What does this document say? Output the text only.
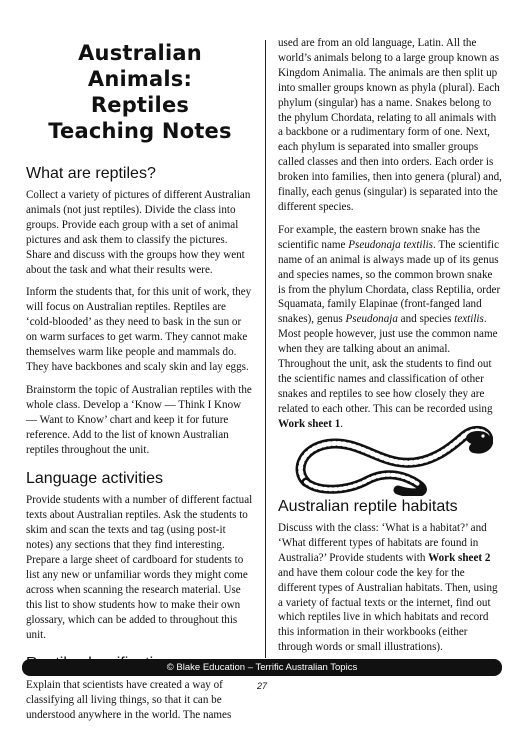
Australian Animals:
Reptiles
Teaching Notes
What are reptiles?

Collect a variety of pictures of different Australian animals (not just reptiles). Divide the class into groups. Provide each group with a set of animal pictures and ask them to classify the pictures. Share and discuss with the groups how they went about the task and what their results were.

Inform the students that, for this unit of work, they will focus on Australian reptiles. Reptiles are ‘cold-blooded’ as they need to bask in the sun or on warm surfaces to get warm. They cannot make themselves warm like people and mammals do. They have backbones and scaly skin and lay eggs.

Brainstorm the topic of Australian reptiles with the whole class. Develop a ‘Know — Think I Know — Want to Know’ chart and keep it for future reference. Add to the list of known Australian reptiles throughout the unit.

Language activities

Provide students with a number of different factual texts about Australian reptiles. Ask the students to skim and scan the texts and tag (using post-it notes) any sections that they find interesting. Prepare a large sheet of cardboard for students to list any new or unfamiliar words they might come across when scanning the research material. Use this list to show students how to make their own glossary, which can be added to throughout this unit.

Explain that scientists have created a way of classifying all living things, so that it can be understood anywhere in the world. The names

used are from an old language, Latin. All the world’s animals belong to a large group known as Kingdom Animalia. The animals are then split up into smaller groups known as phyla (plural). Each phylum (singular) has a name. Snakes belong to the phylum Chordata, relating to all animals with a backbone or a rudimentary form of one. Next, each phylum is separated into smaller groups called classes and then into orders. Each order is broken into families, then into genera (plural) and, finally, each genus (singular) is separated into the different species.

For example, the eastern brown snake has the scientific name Pseudonaja textilis. The scientific name of an animal is always made up of its genus and species names, so the common brown snake is from the phylum Chordata, class Reptilia, order Squamata, family Elapinae (front-fanged land snakes), genus Pseudonaja and species textilis. Most people however, just use the common name when they are talking about an animal. Throughout the unit, ask the students to find out the scientific names and classification of other snakes and reptiles to see how closely they are related to each other. This can be recorded using Work sheet 1.

Australian reptile habitats

Discuss with the class: ‘What is a habitat?’ and ‘What different types of habitats are found in Australia?’ Provide students with Work sheet 2 and have them colour code the key for the different types of Australian habitats. Then, using a variety of factual texts or the internet, find out which reptiles live in which habitats and record this information in their workbooks (either through words or small illustrations).

© Blake Education – Terrific Australian Topics
27
